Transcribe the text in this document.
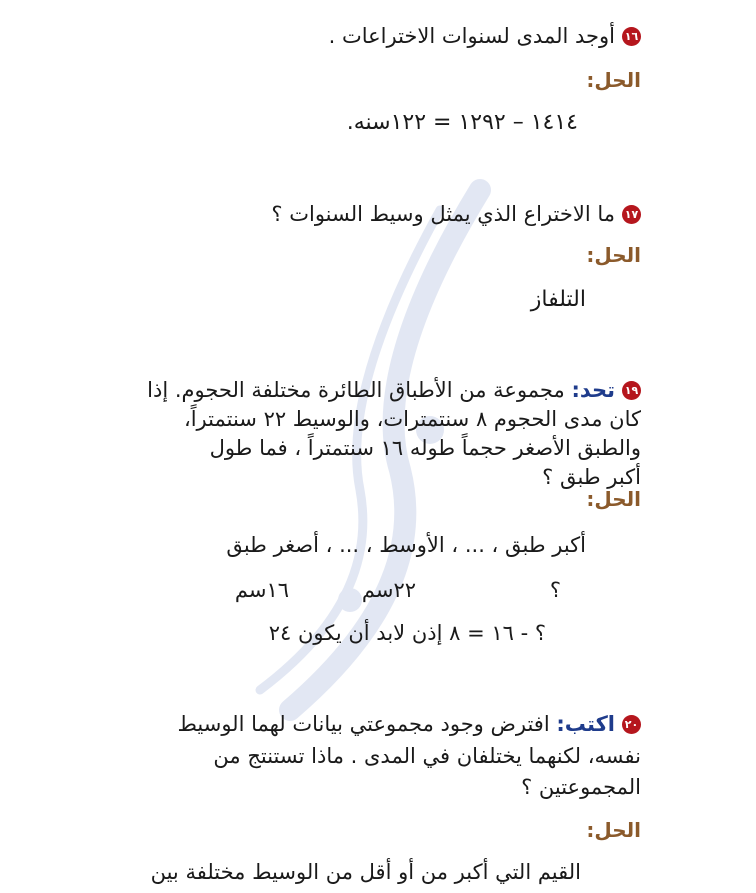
١٦أوجد المدى لسنوات الاختراعات .
الحل:
١٤١٤ – ١٢٩٢ = ١٢٢سنه.
١٧ما الاختراع الذي يمثل وسيط السنوات ؟
الحل:
التلفاز
١٩تحد: مجموعة من الأطباق الطائرة مختلفة الحجوم. إذا
كان مدى الحجوم ٨ سنتمترات، والوسيط ٢٢ سنتمتراً،
والطبق الأصغر حجماً طوله ١٦ سنتمتراً ، فما طول
أكبر طبق ؟
الحل:
أكبر طبق ، ... ، الأوسط ، ... ، أصغر طبق
؟
٢٢سم
١٦سم
؟ - ١٦ = ٨ إذن لابد أن يكون ٢٤
٢٠اكتب: افترض وجود مجموعتي بيانات لهما الوسيط
نفسه، لكنهما يختلفان في المدى . ماذا تستنتج من
المجموعتين ؟
الحل:
القيم التي أكبر من أو أقل من الوسيط مختلفة بين
